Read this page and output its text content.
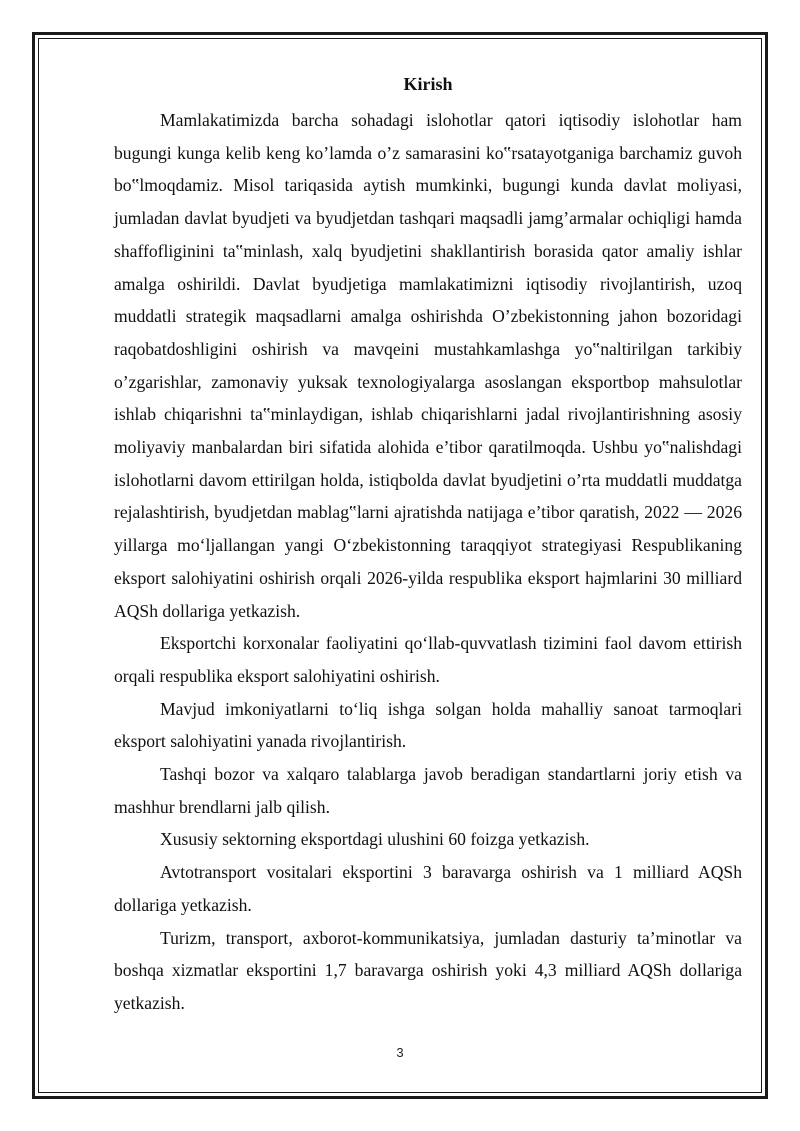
Kirish

Mamlakatimizda barcha sohadagi islohotlar qatori iqtisodiy islohotlar ham bugungi kunga kelib keng ko’lamda o’z samarasini ko‟rsatayotganiga barchamiz guvoh bo‟lmoqdamiz. Misol tariqasida aytish mumkinki, bugungi kunda davlat moliyasi, jumladan davlat byudjeti va byudjetdan tashqari maqsadli jamg’armalar ochiqligi hamda shaffofliginini ta‟minlash, xalq byudjetini shakllantirish borasida qator amaliy ishlar amalga oshirildi. Davlat byudjetiga mamlakatimizni iqtisodiy rivojlantirish, uzoq muddatli strategik maqsadlarni amalga oshirishda O’zbekistonning jahon bozoridagi raqobatdoshligini oshirish va mavqeini mustahkamlashga yo‟naltirilgan tarkibiy o’zgarishlar, zamonaviy yuksak texnologiyalarga asoslangan eksportbop mahsulotlar ishlab chiqarishni ta‟minlaydigan, ishlab chiqarishlarni jadal rivojlantirishning asosiy moliyaviy manbalardan biri sifatida alohida e’tibor qaratilmoqda. Ushbu yo‟nalishdagi islohotlarni davom ettirilgan holda, istiqbolda davlat byudjetini o’rta muddatli muddatga rejalashtirish, byudjetdan mablag‟larni ajratishda natijaga e’tibor qaratish, 2022 — 2026 yillarga moʻljallangan yangi Oʻzbekistonning taraqqiyot strategiyasi Respublikaning eksport salohiyatini oshirish orqali 2026-yilda respublika eksport hajmlarini 30 milliard AQSh dollariga yetkazish.

Eksportchi korxonalar faoliyatini qoʻllab-quvvatlash tizimini faol davom ettirish orqali respublika eksport salohiyatini oshirish.

Mavjud imkoniyatlarni toʻliq ishga solgan holda mahalliy sanoat tarmoqlari eksport salohiyatini yanada rivojlantirish.

Tashqi bozor va xalqaro talablarga javob beradigan standartlarni joriy etish va mashhur brendlarni jalb qilish.

Xususiy sektorning eksportdagi ulushini 60 foizga yetkazish.

Avtotransport vositalari eksportini 3 baravarga oshirish va 1 milliard AQSh dollariga yetkazish.

Turizm, transport, axborot-kommunikatsiya, jumladan dasturiy ta’minotlar va boshqa xizmatlar eksportini 1,7 baravarga oshirish yoki 4,3 milliard AQSh dollariga yetkazish.

3
